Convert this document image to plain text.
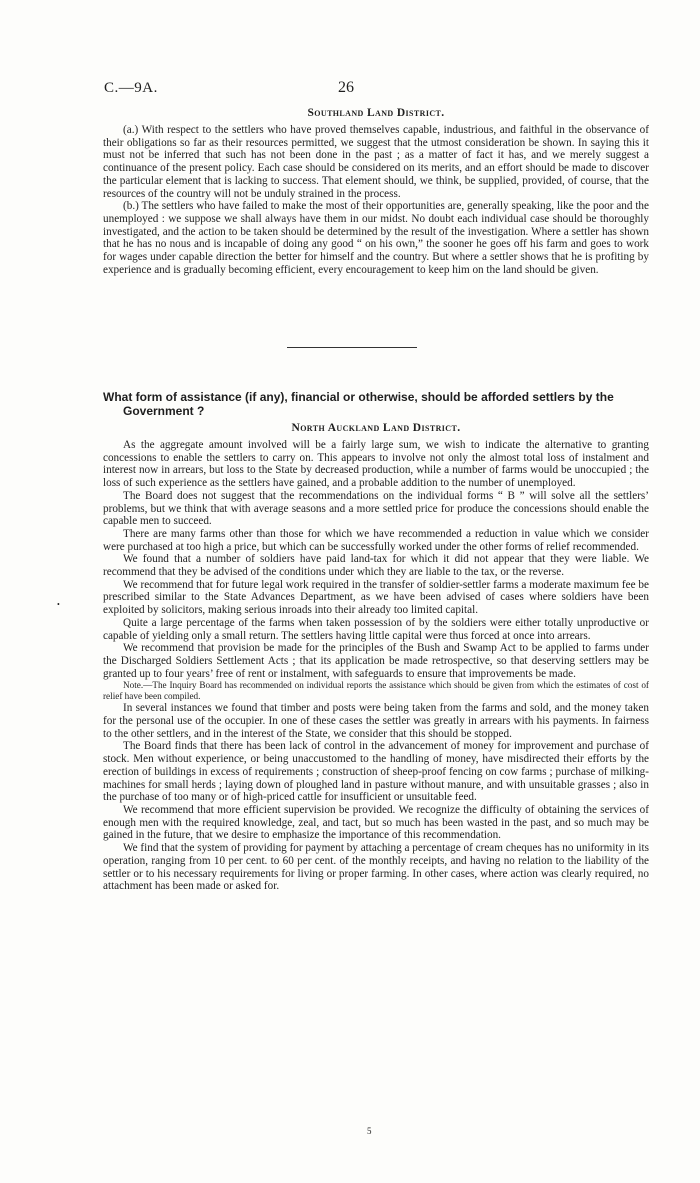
C.—9A.	26
Southland Land District.

(a.) With respect to the settlers who have proved themselves capable, industrious, and faithful in the observance of their obligations so far as their resources permitted, we suggest that the utmost consideration be shown. In saying this it must not be inferred that such has not been done in the past ; as a matter of fact it has, and we merely suggest a continuance of the present policy. Each case should be considered on its merits, and an effort should be made to discover the particular element that is lacking to success. That element should, we think, be supplied, provided, of course, that the resources of the country will not be unduly strained in the process.

(b.) The settlers who have failed to make the most of their opportunities are, generally speaking, like the poor and the unemployed : we suppose we shall always have them in our midst. No doubt each individual case should be thoroughly investigated, and the action to be taken should be determined by the result of the investigation. Where a settler has shown that he has no nous and is incapable of doing any good “ on his own,” the sooner he goes off his farm and goes to work for wages under capable direction the better for himself and the country. But where a settler shows that he is profiting by experience and is gradually becoming efficient, every encouragement to keep him on the land should be given.

What form of assistance (if any), financial or otherwise, should be afforded settlers by the
Government ?
North Auckland Land District.

As the aggregate amount involved will be a fairly large sum, we wish to indicate the alternative to granting concessions to enable the settlers to carry on. This appears to involve not only the almost total loss of instalment and interest now in arrears, but loss to the State by decreased production, while a number of farms would be unoccupied ; the loss of such experience as the settlers have gained, and a probable addition to the number of unemployed.

The Board does not suggest that the recommendations on the individual forms “ B ” will solve all the settlers’ problems, but we think that with average seasons and a more settled price for produce the concessions should enable the capable men to succeed.

There are many farms other than those for which we have recommended a reduction in value which we consider were purchased at too high a price, but which can be successfully worked under the other forms of relief recommended.

We found that a number of soldiers have paid land-tax for which it did not appear that they were liable. We recommend that they be advised of the conditions under which they are liable to the tax, or the reverse.

We recommend that for future legal work required in the transfer of soldier-settler farms a moderate maximum fee be prescribed similar to the State Advances Department, as we have been advised of cases where soldiers have been exploited by solicitors, making serious inroads into their already too limited capital.

Quite a large percentage of the farms when taken possession of by the soldiers were either totally unproductive or capable of yielding only a small return. The settlers having little capital were thus forced at once into arrears.

We recommend that provision be made for the principles of the Bush and Swamp Act to be applied to farms under the Discharged Soldiers Settlement Acts ; that its application be made retrospective, so that deserving settlers may be granted up to four years’ free of rent or instalment, with safeguards to ensure that improvements be made.

Note.—The Inquiry Board has recommended on individual reports the assistance which should be given from which the estimates of cost of relief have been compiled.

In several instances we found that timber and posts were being taken from the farms and sold, and the money taken for the personal use of the occupier. In one of these cases the settler was greatly in arrears with his payments. In fairness to the other settlers, and in the interest of the State, we consider that this should be stopped.

The Board finds that there has been lack of control in the advancement of money for improvement and purchase of stock. Men without experience, or being unaccustomed to the handling of money, have misdirected their efforts by the erection of buildings in excess of requirements ; construction of sheep-proof fencing on cow farms ; purchase of milking-machines for small herds ; laying down of ploughed land in pasture without manure, and with unsuitable grasses ; also in the purchase of too many or of high-priced cattle for insufficient or unsuitable feed.

We recommend that more efficient supervision be provided. We recognize the difficulty of obtaining the services of enough men with the required knowledge, zeal, and tact, but so much has been wasted in the past, and so much may be gained in the future, that we desire to emphasize the importance of this recommendation.

We find that the system of providing for payment by attaching a percentage of cream cheques has no uniformity in its operation, ranging from 10 per cent. to 60 per cent. of the monthly receipts, and having no relation to the liability of the settler or to his necessary requirements for living or proper farming. In other cases, where action was clearly required, no attachment has been made or asked for.

•
5
